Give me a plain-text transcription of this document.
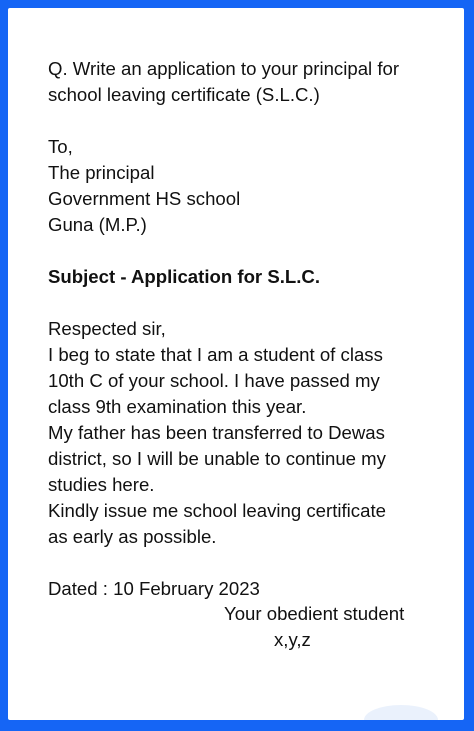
Q. Write an application to your principal for
school leaving certificate (S.L.C.)
To,
The principal
Government HS school
Guna (M.P.)
Subject - Application for S.L.C.
Respected sir,
I beg to state that I am a student of class
10th C of your school. I have passed my
class 9th examination this year.
My father has been transferred to Dewas
district, so I will be unable to continue my
studies here.
Kindly issue me school leaving certificate
as early as possible.
Dated : 10 February 2023
Your obedient student
x,y,z
